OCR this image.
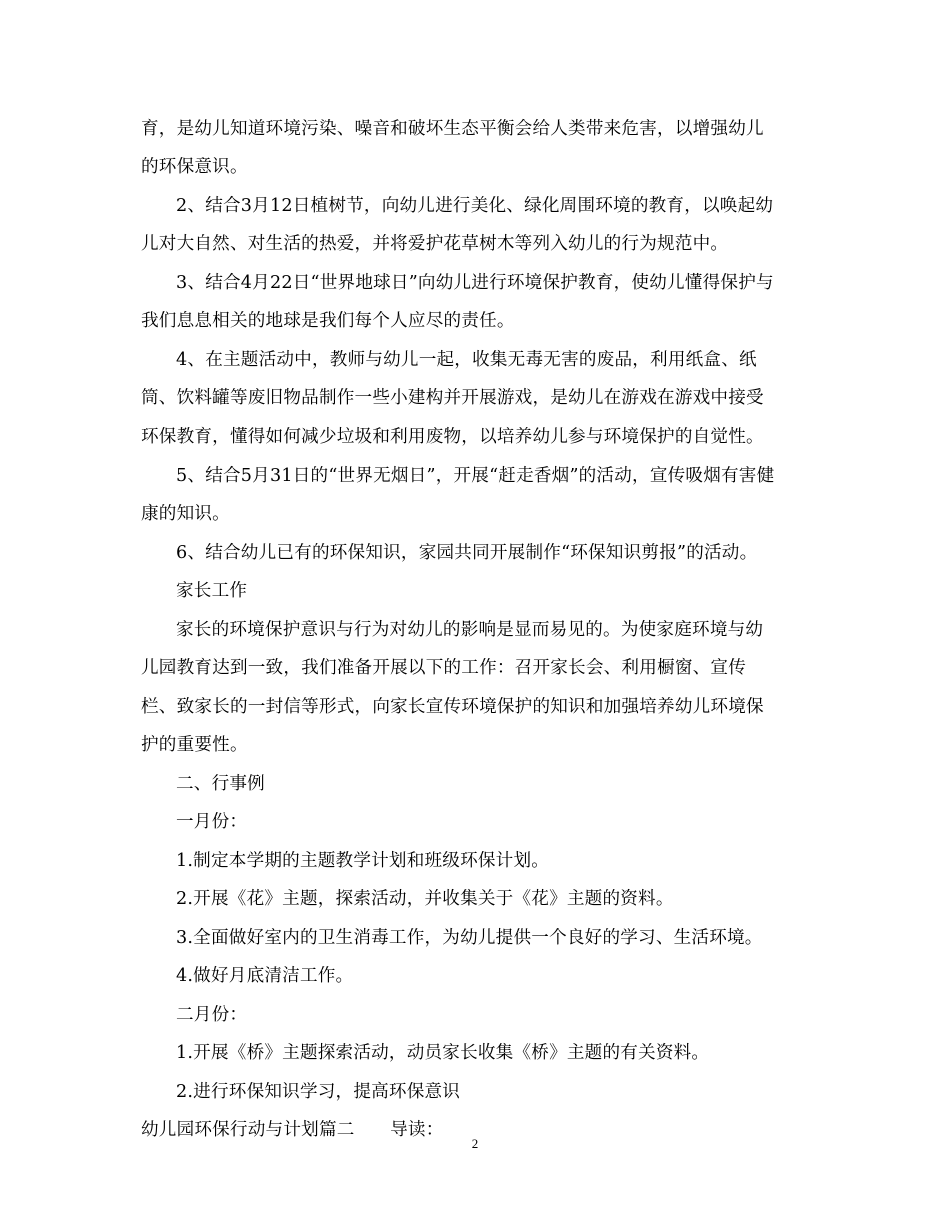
育，是幼儿知道环境污染、噪音和破坏生态平衡会给人类带来危害，以增强幼儿
的环保意识。
2、结合3月12日植树节，向幼儿进行美化、绿化周围环境的教育，以唤起幼
儿对大自然、对生活的热爱，并将爱护花草树木等列入幼儿的行为规范中。
3、结合4月22日“世界地球日”向幼儿进行环境保护教育，使幼儿懂得保护与
我们息息相关的地球是我们每个人应尽的责任。
4、在主题活动中，教师与幼儿一起，收集无毒无害的废品，利用纸盒、纸
筒、饮料罐等废旧物品制作一些小建构并开展游戏，是幼儿在游戏在游戏中接受
环保教育，懂得如何减少垃圾和利用废物，以培养幼儿参与环境保护的自觉性。
5、结合5月31日的“世界无烟日”，开展“赶走香烟”的活动，宣传吸烟有害健
康的知识。
6、结合幼儿已有的环保知识，家园共同开展制作“环保知识剪报”的活动。
家长工作
家长的环境保护意识与行为对幼儿的影响是显而易见的。为使家庭环境与幼
儿园教育达到一致，我们准备开展以下的工作：召开家长会、利用橱窗、宣传
栏、致家长的一封信等形式，向家长宣传环境保护的知识和加强培养幼儿环境保
护的重要性。
二、行事例
一月份：
1.制定本学期的主题教学计划和班级环保计划。
2.开展《花》主题，探索活动，并收集关于《花》主题的资料。
3.全面做好室内的卫生消毒工作，为幼儿提供一个良好的学习、生活环境。
4.做好月底清洁工作。
二月份：
1.开展《桥》主题探索活动，动员家长收集《桥》主题的有关资料。
2.进行环保知识学习，提高环保意识
幼儿园环保行动与计划篇二　　导读：
2
